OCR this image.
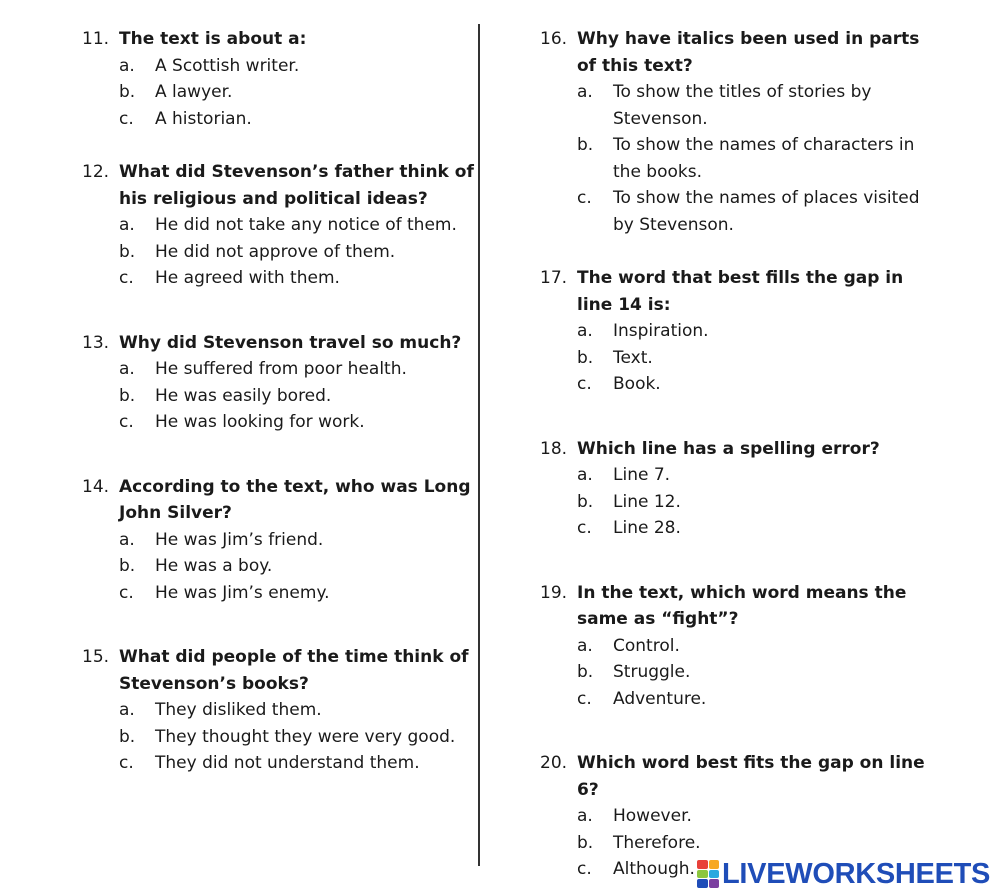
11. The text is about a:
a. A Scottish writer.
b. A lawyer.
c. A historian.
12. What did Stevenson’s father think of his religious and political ideas?
a. He did not take any notice of them.
b. He did not approve of them.
c. He agreed with them.
13. Why did Stevenson travel so much?
a. He suffered from poor health.
b. He was easily bored.
c. He was looking for work.
14. According to the text, who was Long John Silver?
a. He was Jim’s friend.
b. He was a boy.
c. He was Jim’s enemy.
15. What did people of the time think of Stevenson’s books?
a. They disliked them.
b. They thought they were very good.
c. They did not understand them.
16. Why have italics been used in parts of this text?
a. To show the titles of stories by Stevenson.
b. To show the names of characters in the books.
c. To show the names of places visited by Stevenson.
17. The word that best fills the gap in line 14 is:
a. Inspiration.
b. Text.
c. Book.
18. Which line has a spelling error?
a. Line 7.
b. Line 12.
c. Line 28.
19. In the text, which word means the same as “fight”?
a. Control.
b. Struggle.
c. Adventure.
20. Which word best fits the gap on line 6?
a. However.
b. Therefore.
c. Although. LIVEWORKSHEETS
